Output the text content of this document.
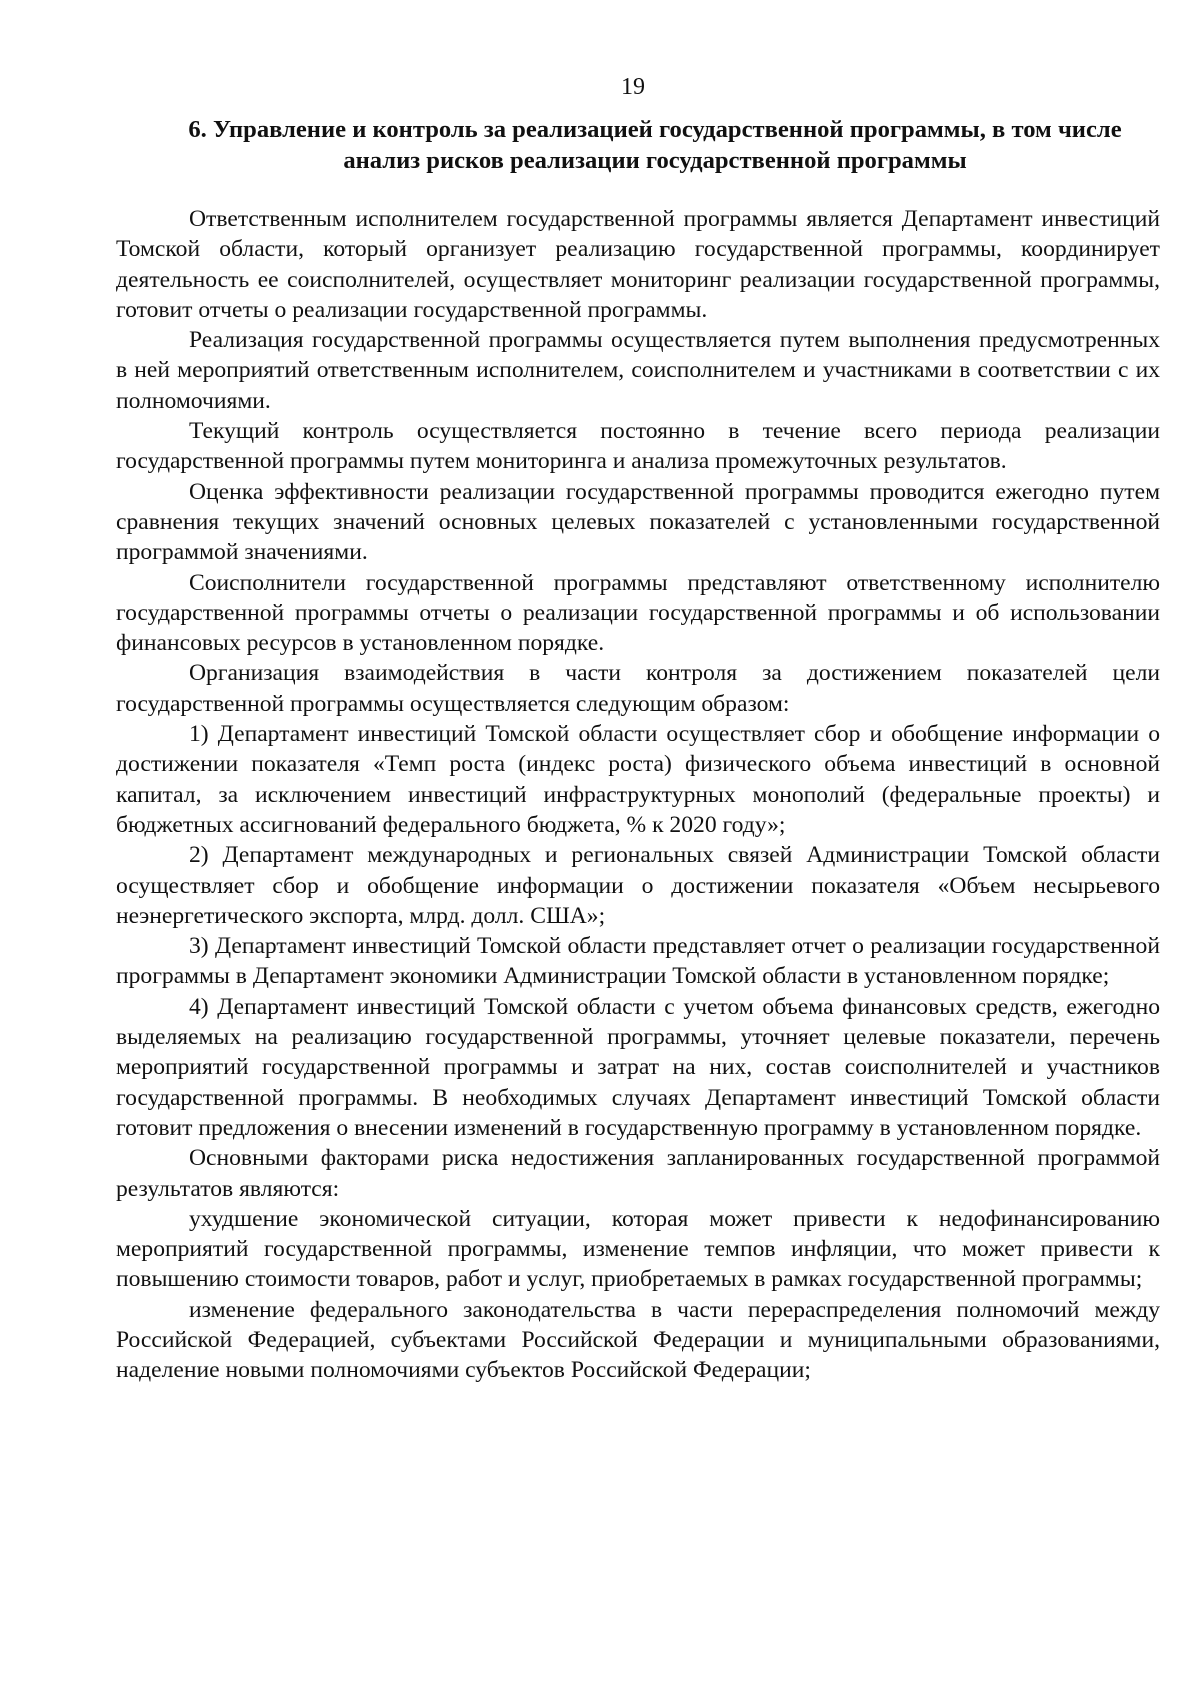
19

6. Управление и контроль за реализацией государственной программы, в том числе
анализ рисков реализации государственной программы

Ответственным исполнителем государственной программы является Департамент инвестиций Томской области, который организует реализацию государственной программы, координирует деятельность ее соисполнителей, осуществляет мониторинг реализации государственной программы, готовит отчеты о реализации государственной программы.

Реализация государственной программы осуществляется путем выполнения предусмотренных в ней мероприятий ответственным исполнителем, соисполнителем и участниками в соответствии с их полномочиями.

Текущий контроль осуществляется постоянно в течение всего периода реализации государственной программы путем мониторинга и анализа промежуточных результатов.

Оценка эффективности реализации государственной программы проводится ежегодно путем сравнения текущих значений основных целевых показателей с установленными государственной программой значениями.

Соисполнители государственной программы представляют ответственному исполнителю государственной программы отчеты о реализации государственной программы и об использовании финансовых ресурсов в установленном порядке.

Организация взаимодействия в части контроля за достижением показателей цели государственной программы осуществляется следующим образом:

1) Департамент инвестиций Томской области осуществляет сбор и обобщение информации о достижении показателя «Темп роста (индекс роста) физического объема инвестиций в основной капитал, за исключением инвестиций инфраструктурных монополий (федеральные проекты) и бюджетных ассигнований федерального бюджета, % к 2020 году»;

2) Департамент международных и региональных связей Администрации Томской области осуществляет сбор и обобщение информации о достижении показателя «Объем несырьевого неэнергетического экспорта, млрд. долл. США»;

3) Департамент инвестиций Томской области представляет отчет о реализации государственной программы в Департамент экономики Администрации Томской области в установленном порядке;

4) Департамент инвестиций Томской области с учетом объема финансовых средств, ежегодно выделяемых на реализацию государственной программы, уточняет целевые показатели, перечень мероприятий государственной программы и затрат на них, состав соисполнителей и участников государственной программы. В необходимых случаях Департамент инвестиций Томской области готовит предложения о внесении изменений в государственную программу в установленном порядке.

Основными факторами риска недостижения запланированных государственной программой результатов являются:

ухудшение экономической ситуации, которая может привести к недофинансированию мероприятий государственной программы, изменение темпов инфляции, что может привести к повышению стоимости товаров, работ и услуг, приобретаемых в рамках государственной программы;

изменение федерального законодательства в части перераспределения полномочий между Российской Федерацией, субъектами Российской Федерации и муниципальными образованиями, наделение новыми полномочиями субъектов Российской Федерации;
